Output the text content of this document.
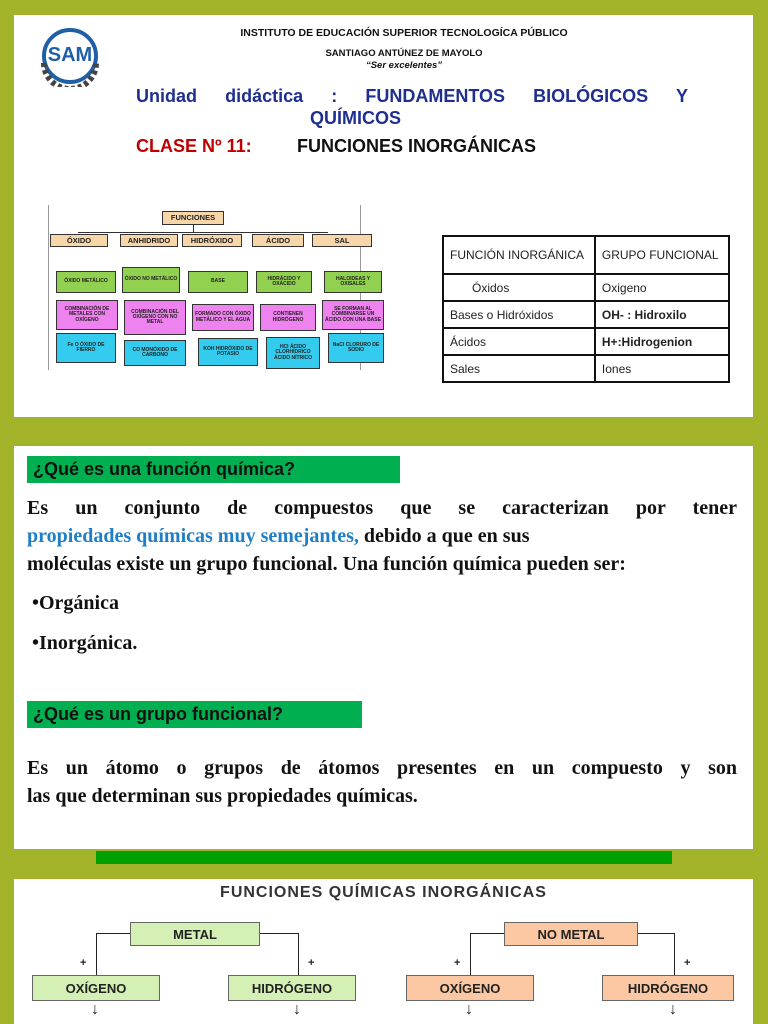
SAM
INSTITUTO DE EDUCACIÓN SUPERIOR TECNOLOGÍCA PÚBLICO
SANTIAGO ANTÚNEZ DE MAYOLO
“Ser excelentes”
Unidad didáctica : FUNDAMENTOS BIOLÓGICOS Y
QUÍMICOS
CLASE Nº 11:	FUNCIONES INORGÁNICAS
FUNCIONES
ÓXIDO	ANHIDRIDO	HIDRÓXIDO	ÁCIDO	SAL
ÓXIDO METÁLICO	ÓXIDO NO METÁLICO	BASE	HIDRÁCIDO Y OXÁCIDO
HALOIDEAS Y OXISALES
COMBINACIÓN DE METALES CON OXÍGENO
COMBINACIÓN DEL OXÍGENO CON NO METAL
FORMADO CON ÓXIDO METÁLICO Y EL AGUA
CONTIENEN HIDRÓGENO
SE FORMAN AL COMBINARSE UN ÁCIDO CON UNA BASE
Fe O ÓXIDO DE FIERRO	CO MONÓXIDO DE CARBONO
KOH HIDRÓXIDO DE POTASIO
HCl ÁCIDO CLORHÍDRICO
ÁCIDO NÍTRICO
NaCl CLORURO DE SODIO
FUNCIÓN INORGÁNICA	GRUPO FUNCIONAL
Óxidos	Oxigeno
Bases o Hidróxidos	OH- : Hidroxilo
Ácidos	H+:Hidrogenion
Sales	Iones
¿Qué es una función química?
Es un conjunto de compuestos que se caracterizan por tener
propiedades químicas muy semejantes, debido a que en sus
moléculas existe un grupo funcional. Una función química pueden ser:
•Orgánica
•Inorgánica.
¿Qué es un grupo funcional?
Es un átomo o grupos de átomos presentes en un compuesto y son
las que determinan sus propiedades químicas.
FUNCIONES QUÍMICAS INORGÁNICAS
METAL
+	+
OXÍGENO	HIDRÓGENO
↓	↓
NO METAL
+	+
OXÍGENO	HIDRÓGENO
↓	↓
